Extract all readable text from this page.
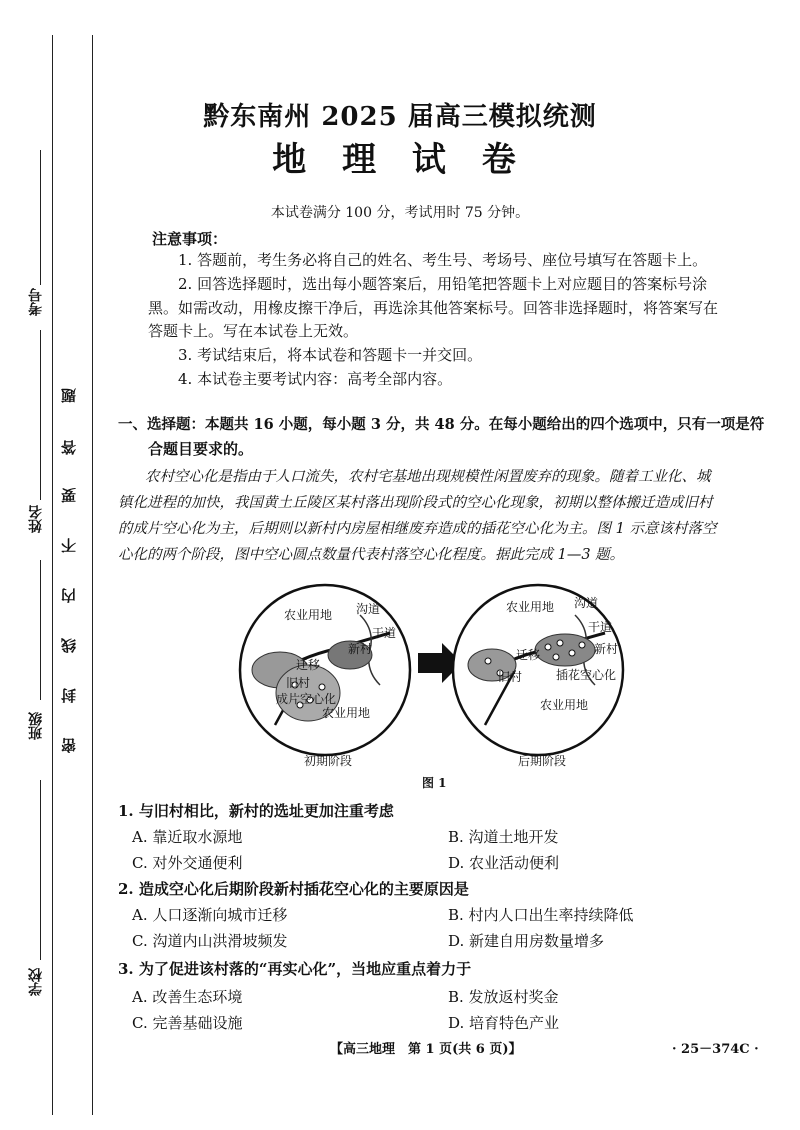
考号
姓名
班级
学校
题
答
要
不
内
线
封
密
黔东南州 2025 届高三模拟统测
地 理 试 卷
本试卷满分 100 分，考试用时 75 分钟。
注意事项：
1. 答题前，考生务必将自己的姓名、考生号、考场号、座位号填写在答题卡上。
2. 回答选择题时，选出每小题答案后，用铅笔把答题卡上对应题目的答案标号涂
黑。如需改动，用橡皮擦干净后，再选涂其他答案标号。回答非选择题时，将答案写在
答题卡上。写在本试卷上无效。
3. 考试结束后，将本试卷和答题卡一并交回。
4. 本试卷主要考试内容：高考全部内容。
一、选择题：本题共 16 小题，每小题 3 分，共 48 分。在每小题给出的四个选项中，只有一项是符
合题目要求的。
农村空心化是指由于人口流失，农村宅基地出现规模性闲置废弃的现象。随着工业化、城
镇化进程的加快，我国黄土丘陵区某村落出现阶段式的空心化现象，初期以整体搬迁造成旧村
的成片空心化为主，后期则以新村内房屋相继废弃造成的插花空心化为主。图 1 示意该村落空
心化的两个阶段，图中空心圆点数量代表村落空心化程度。据此完成 1—3 题。
农业用地 沟道
干道
新村
迁移
旧村
成片空心化
农业用地
初期阶段
农业用地 沟道
干道
新村
迁移
旧村	插花空心化
农业用地
后期阶段
图 1
1. 与旧村相比，新村的选址更加注重考虑
A. 靠近取水源地	B. 沟道土地开发
C. 对外交通便利	D. 农业活动便利
2. 造成空心化后期阶段新村插花空心化的主要原因是
A. 人口逐渐向城市迁移	B. 村内人口出生率持续降低
C. 沟道内山洪滑坡频发	D. 新建自用房数量增多
3. 为了促进该村落的“再实心化”，当地应重点着力于
A. 改善生态环境	B. 发放返村奖金
C. 完善基础设施	D. 培育特色产业
【高三地理　第 1 页(共 6 页)】	· 25－374C ·
